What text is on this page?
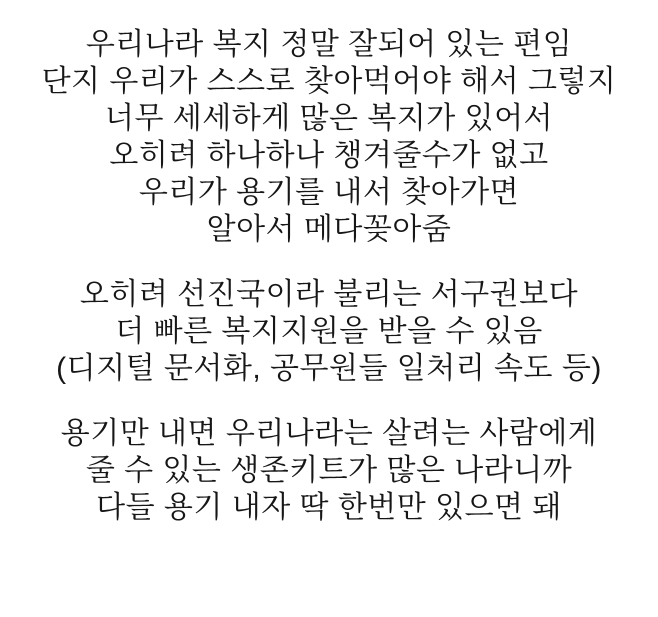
우리나라 복지 정말 잘되어 있는 편임
단지 우리가 스스로 찾아먹어야 해서 그렇지
너무 세세하게 많은 복지가 있어서
오히려 하나하나 챙겨줄수가 없고
우리가 용기를 내서 찾아가면
알아서 메다꽂아줌
오히려 선진국이라 불리는 서구권보다
더 빠른 복지지원을 받을 수 있음
(디지털 문서화, 공무원들 일처리 속도 등)
용기만 내면 우리나라는 살려는 사람에게
줄 수 있는 생존키트가 많은 나라니까
다들 용기 내자 딱 한번만 있으면 돼
